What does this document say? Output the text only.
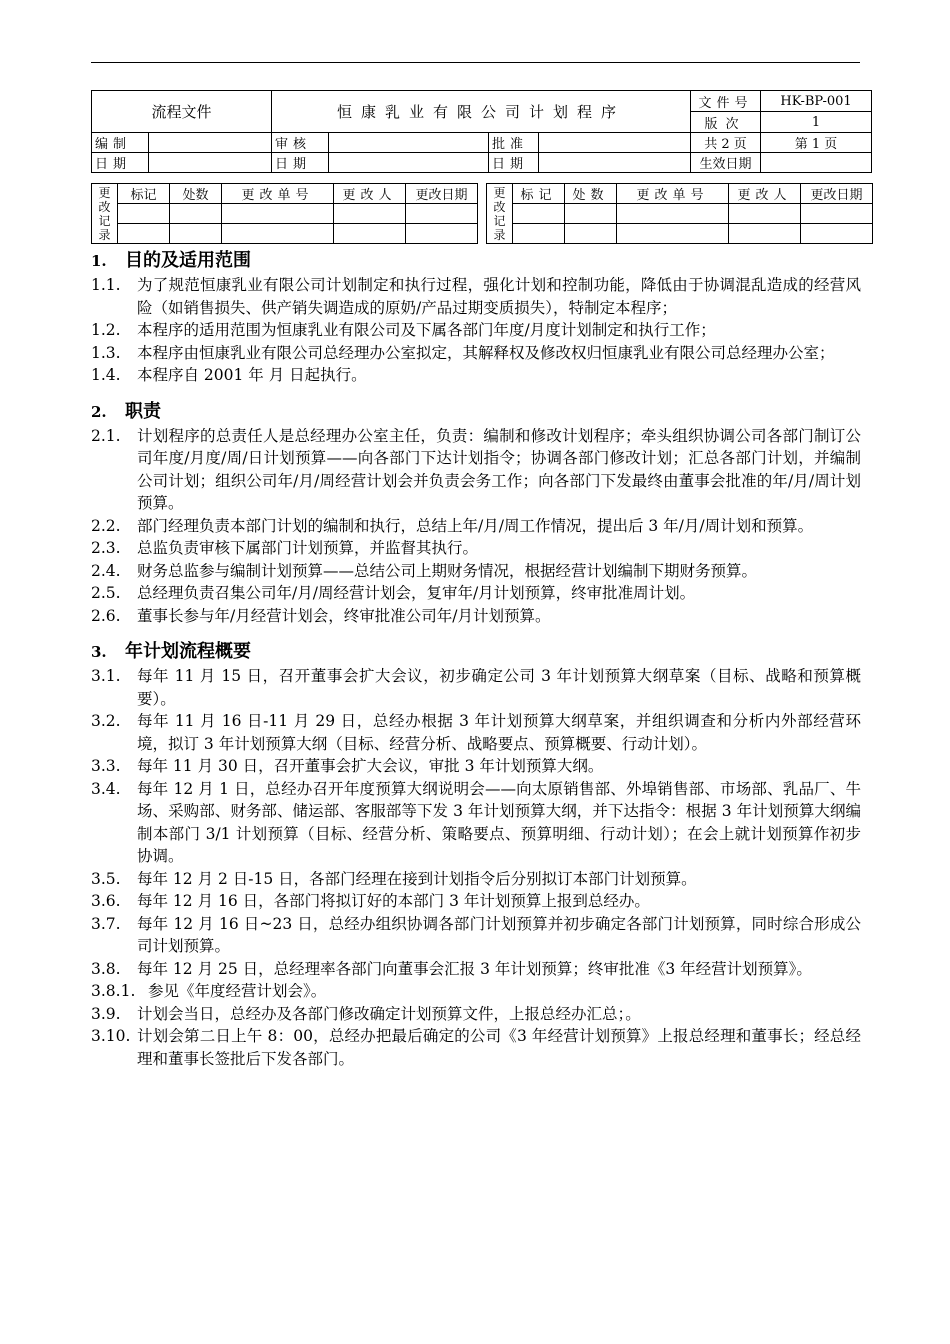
流程文件		恒康乳业有限公司计划程序				文件号	HK-BP-001
						版次	1
编制		审核		批准		共 2 页	第 1 页
日期		日期		日期		生效日期	
更改记录	标记	处数	更改单号	更改人	更改日期

				更改记录	标记	处数	更改单号	更改人	更改日期

1. 目的及适用范围
1.1.	为了规范恒康乳业有限公司计划制定和执行过程，强化计划和控制功能，降低由于协调混乱造成的经营风险（如销售损失、供产销失调造成的原奶/产品过期变质损失），特制定本程序；
1.2.	本程序的适用范围为恒康乳业有限公司及下属各部门年度/月度计划制定和执行工作；
1.3.	本程序由恒康乳业有限公司总经理办公室拟定，其解释权及修改权归恒康乳业有限公司总经理办公室；
1.4.	本程序自 2001 年 月 日起执行。
2. 职责
2.1.	计划程序的总责任人是总经理办公室主任，负责：编制和修改计划程序；牵头组织协调公司各部门制订公司年度/月度/周/日计划预算——向各部门下达计划指令；协调各部门修改计划；汇总各部门计划，并编制公司计划；组织公司年/月/周经营计划会并负责会务工作；向各部门下发最终由董事会批准的年/月/周计划预算。
2.2.	部门经理负责本部门计划的编制和执行，总结上年/月/周工作情况，提出后 3 年/月/周计划和预算。
2.3.	总监负责审核下属部门计划预算，并监督其执行。
2.4.	财务总监参与编制计划预算——总结公司上期财务情况，根据经营计划编制下期财务预算。
2.5.	总经理负责召集公司年/月/周经营计划会，复审年/月计划预算，终审批准周计划。
2.6.	董事长参与年/月经营计划会，终审批准公司年/月计划预算。
3. 年计划流程概要
3.1.	每年 11 月 15 日，召开董事会扩大会议，初步确定公司 3 年计划预算大纲草案（目标、战略和预算概要）。
3.2.	每年 11 月 16 日-11 月 29 日，总经办根据 3 年计划预算大纲草案，并组织调查和分析内外部经营环境，拟订 3 年计划预算大纲（目标、经营分析、战略要点、预算概要、行动计划）。
3.3.	每年 11 月 30 日，召开董事会扩大会议，审批 3 年计划预算大纲。
3.4.	每年 12 月 1 日，总经办召开年度预算大纲说明会——向太原销售部、外埠销售部、市场部、乳品厂、牛场、采购部、财务部、储运部、客服部等下发 3 年计划预算大纲，并下达指令：根据 3 年计划预算大纲编制本部门 3/1 计划预算（目标、经营分析、策略要点、预算明细、行动计划）；在会上就计划预算作初步协调。
3.5.	每年 12 月 2 日-15 日，各部门经理在接到计划指令后分别拟订本部门计划预算。
3.6.	每年 12 月 16 日，各部门将拟订好的本部门 3 年计划预算上报到总经办。
3.7.	每年 12 月 16 日~23 日，总经办组织协调各部门计划预算并初步确定各部门计划预算，同时综合形成公司计划预算。
3.8.	每年 12 月 25 日，总经理率各部门向董事会汇报 3 年计划预算；终审批准《3 年经营计划预算》。
3.8.1. 参见《年度经营计划会》。
3.9.	计划会当日，总经办及各部门修改确定计划预算文件，上报总经办汇总；。
3.10. 计划会第二日上午 8：00，总经办把最后确定的公司《3 年经营计划预算》上报总经理和董事长；经总经理和董事长签批后下发各部门。
